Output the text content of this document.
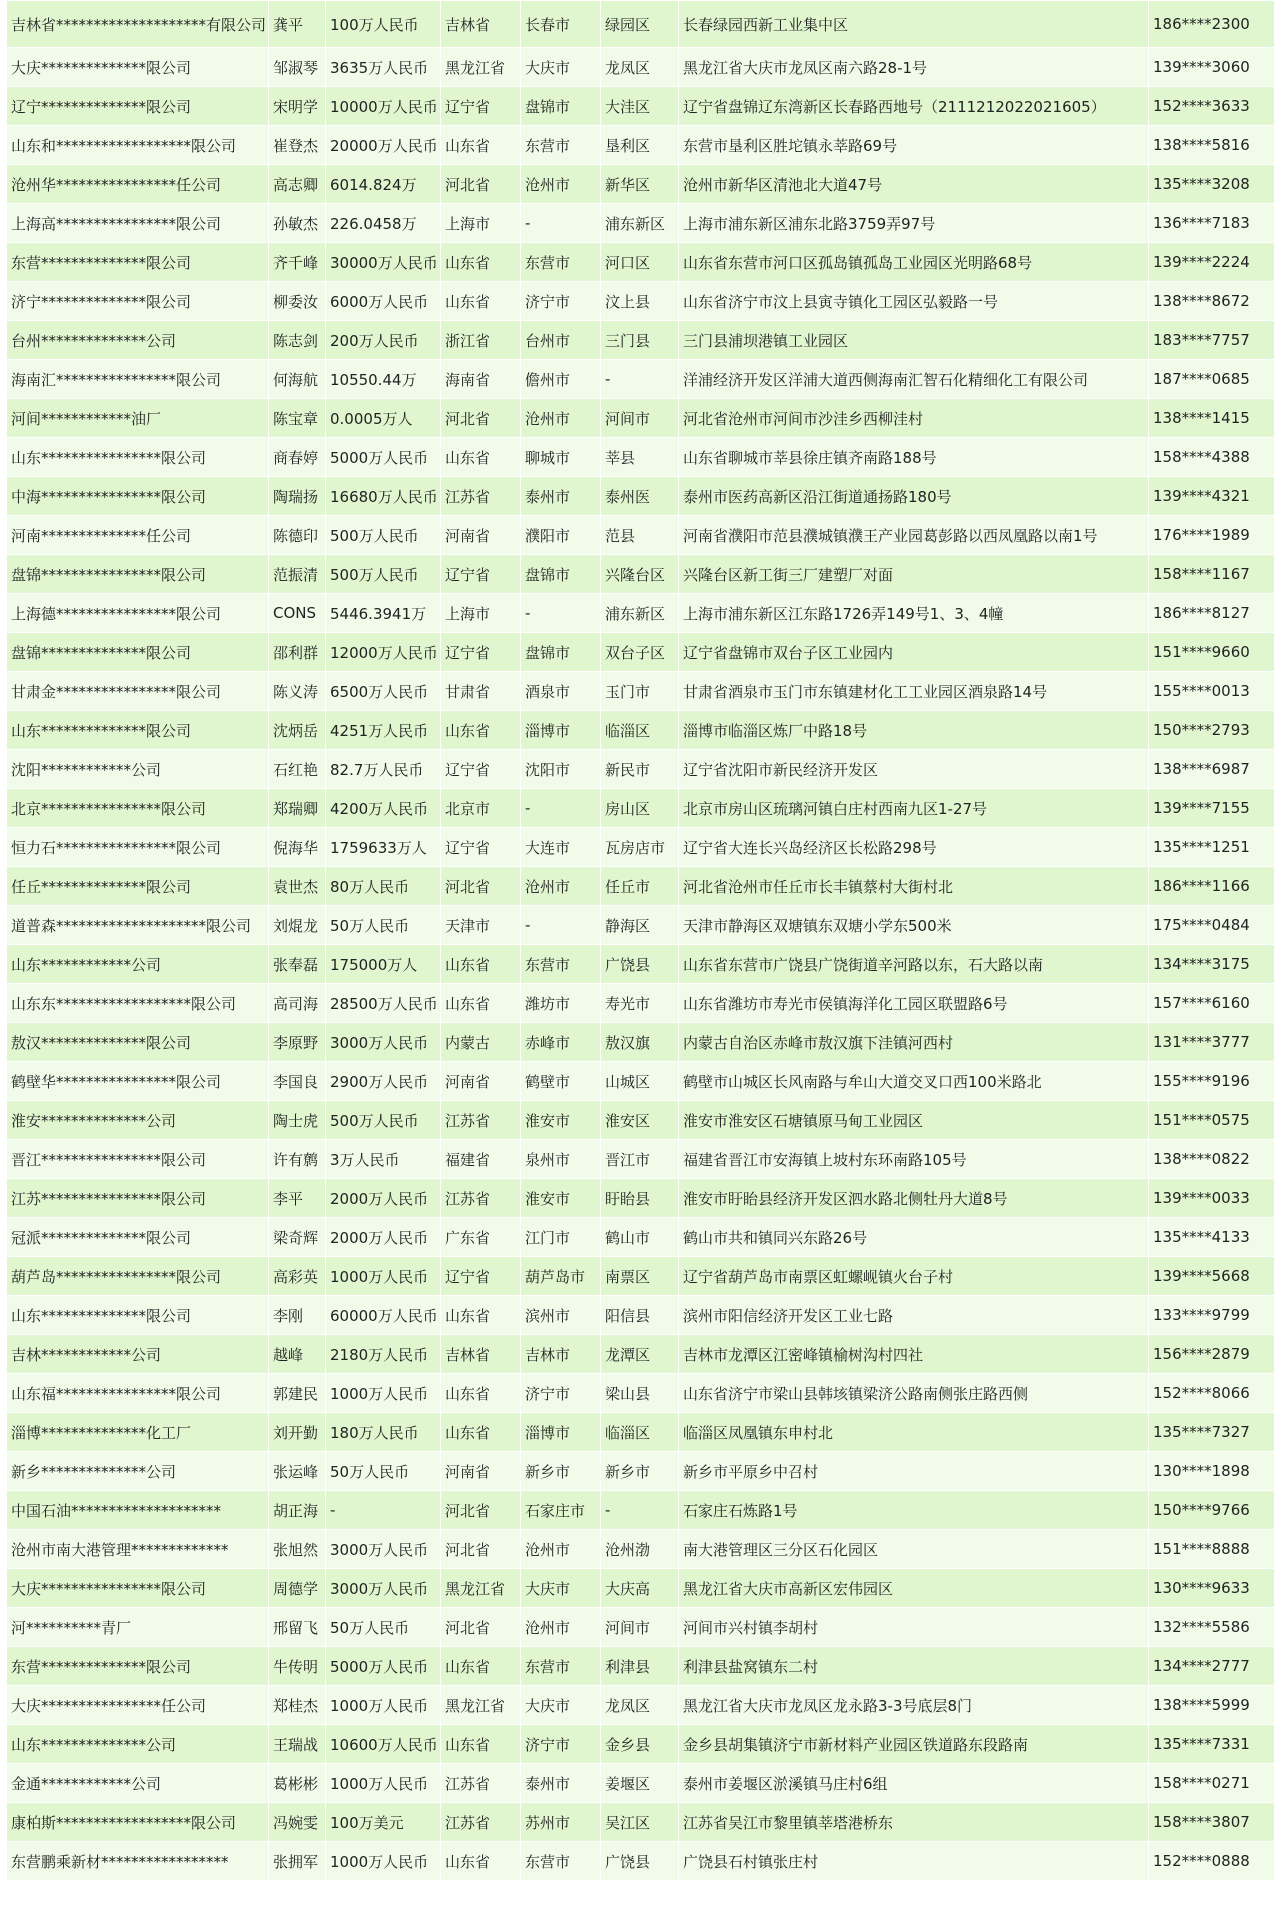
吉林省********************有限公司	龚平	100万人民币	吉林省	长春市	绿园区	长春绿园西新工业集中区	186****2300
大庆**************限公司	邹淑琴	3635万人民币	黑龙江省	大庆市	龙凤区	黑龙江省大庆市龙凤区南六路28-1号	139****3060
辽宁**************限公司	宋明学	10000万人民币	辽宁省	盘锦市	大洼区	辽宁省盘锦辽东湾新区长春路西地号（2111212022021605）	152****3633
山东和******************限公司	崔登杰	20000万人民币	山东省	东营市	垦利区	东营市垦利区胜坨镇永莘路69号	138****5816
沧州华****************任公司	高志卿	6014.824万	河北省	沧州市	新华区	沧州市新华区清池北大道47号	135****3208
上海高****************限公司	孙敏杰	226.0458万	上海市	-	浦东新区	上海市浦东新区浦东北路3759弄97号	136****7183
东营**************限公司	齐千峰	30000万人民币	山东省	东营市	河口区	山东省东营市河口区孤岛镇孤岛工业园区光明路68号	139****2224
济宁**************限公司	柳委汝	6000万人民币	山东省	济宁市	汶上县	山东省济宁市汶上县寅寺镇化工园区弘毅路一号	138****8672
台州**************公司	陈志剑	200万人民币	浙江省	台州市	三门县	三门县浦坝港镇工业园区	183****7757
海南汇****************限公司	何海航	10550.44万	海南省	儋州市	-	洋浦经济开发区洋浦大道西侧海南汇智石化精细化工有限公司	187****0685
河间************油厂	陈宝章	0.0005万人	河北省	沧州市	河间市	河北省沧州市河间市沙洼乡西柳洼村	138****1415
山东****************限公司	商春婷	5000万人民币	山东省	聊城市	莘县	山东省聊城市莘县徐庄镇齐南路188号	158****4388
中海****************限公司	陶瑞扬	16680万人民币	江苏省	泰州市	泰州医	泰州市医药高新区沿江街道通扬路180号	139****4321
河南**************任公司	陈德印	500万人民币	河南省	濮阳市	范县	河南省濮阳市范县濮城镇濮王产业园葛彭路以西凤凰路以南1号	176****1989
盘锦****************限公司	范振清	500万人民币	辽宁省	盘锦市	兴隆台区	兴隆台区新工街三厂建塑厂对面	158****1167
上海德****************限公司	CONS	5446.3941万	上海市	-	浦东新区	上海市浦东新区江东路1726弄149号1、3、4幢	186****8127
盘锦**************限公司	邵利群	12000万人民币	辽宁省	盘锦市	双台子区	辽宁省盘锦市双台子区工业园内	151****9660
甘肃金****************限公司	陈义涛	6500万人民币	甘肃省	酒泉市	玉门市	甘肃省酒泉市玉门市东镇建材化工工业园区酒泉路14号	155****0013
山东**************限公司	沈炳岳	4251万人民币	山东省	淄博市	临淄区	淄博市临淄区炼厂中路18号	150****2793
沈阳************公司	石红艳	82.7万人民币	辽宁省	沈阳市	新民市	辽宁省沈阳市新民经济开发区	138****6987
北京****************限公司	郑瑞卿	4200万人民币	北京市	-	房山区	北京市房山区琉璃河镇白庄村西南九区1-27号	139****7155
恒力石****************限公司	倪海华	1759633万人	辽宁省	大连市	瓦房店市	辽宁省大连长兴岛经济区长松路298号	135****1251
任丘**************限公司	袁世杰	80万人民币	河北省	沧州市	任丘市	河北省沧州市任丘市长丰镇蔡村大街村北	186****1166
道普森********************限公司	刘焜龙	50万人民币	天津市	-	静海区	天津市静海区双塘镇东双塘小学东500米	175****0484
山东************公司	张奉磊	175000万人	山东省	东营市	广饶县	山东省东营市广饶县广饶街道辛河路以东，石大路以南	134****3175
山东东******************限公司	高司海	28500万人民币	山东省	潍坊市	寿光市	山东省潍坊市寿光市侯镇海洋化工园区联盟路6号	157****6160
敖汉**************限公司	李原野	3000万人民币	内蒙古	赤峰市	敖汉旗	内蒙古自治区赤峰市敖汉旗下洼镇河西村	131****3777
鹤壁华****************限公司	李国良	2900万人民币	河南省	鹤壁市	山城区	鹤壁市山城区长风南路与牟山大道交叉口西100米路北	155****9196
淮安**************公司	陶士虎	500万人民币	江苏省	淮安市	淮安区	淮安市淮安区石塘镇原马甸工业园区	151****0575
晋江****************限公司	许有鹩	3万人民币	福建省	泉州市	晋江市	福建省晋江市安海镇上坡村东环南路105号	138****0822
江苏****************限公司	李平	2000万人民币	江苏省	淮安市	盱眙县	淮安市盱眙县经济开发区泗水路北侧牡丹大道8号	139****0033
冠派**************限公司	梁奇辉	2000万人民币	广东省	江门市	鹤山市	鹤山市共和镇同兴东路26号	135****4133
葫芦岛****************限公司	高彩英	1000万人民币	辽宁省	葫芦岛市	南票区	辽宁省葫芦岛市南票区虹螺岘镇火台子村	139****5668
山东**************限公司	李刚	60000万人民币	山东省	滨州市	阳信县	滨州市阳信经济开发区工业七路	133****9799
吉林************公司	越峰	2180万人民币	吉林省	吉林市	龙潭区	吉林市龙潭区江密峰镇榆树沟村四社	156****2879
山东福****************限公司	郭建民	1000万人民币	山东省	济宁市	梁山县	山东省济宁市梁山县韩垓镇梁济公路南侧张庄路西侧	152****8066
淄博**************化工厂	刘开勤	180万人民币	山东省	淄博市	临淄区	临淄区凤凰镇东申村北	135****7327
新乡**************公司	张运峰	50万人民币	河南省	新乡市	新乡市	新乡市平原乡中召村	130****1898
中国石油********************	胡正海	-	河北省	石家庄市	-	石家庄石炼路1号	150****9766
沧州市南大港管理*************	张旭然	3000万人民币	河北省	沧州市	沧州渤	南大港管理区三分区石化园区	151****8888
大庆****************限公司	周德学	3000万人民币	黑龙江省	大庆市	大庆高	黑龙江省大庆市高新区宏伟园区	130****9633
河**********青厂	邢留飞	50万人民币	河北省	沧州市	河间市	河间市兴村镇李胡村	132****5586
东营**************限公司	牛传明	5000万人民币	山东省	东营市	利津县	利津县盐窝镇东二村	134****2777
大庆****************任公司	郑桂杰	1000万人民币	黑龙江省	大庆市	龙凤区	黑龙江省大庆市龙凤区龙永路3-3号底层8门	138****5999
山东**************公司	王瑞战	10600万人民币	山东省	济宁市	金乡县	金乡县胡集镇济宁市新材料产业园区铁道路东段路南	135****7331
金通************公司	葛彬彬	1000万人民币	江苏省	泰州市	姜堰区	泰州市姜堰区淤溪镇马庄村6组	158****0271
康柏斯******************限公司	冯婉雯	100万美元	江苏省	苏州市	吴江区	江苏省吴江市黎里镇莘塔港桥东	158****3807
东营鹏乘新材*****************	张拥军	1000万人民币	山东省	东营市	广饶县	广饶县石村镇张庄村	152****0888
